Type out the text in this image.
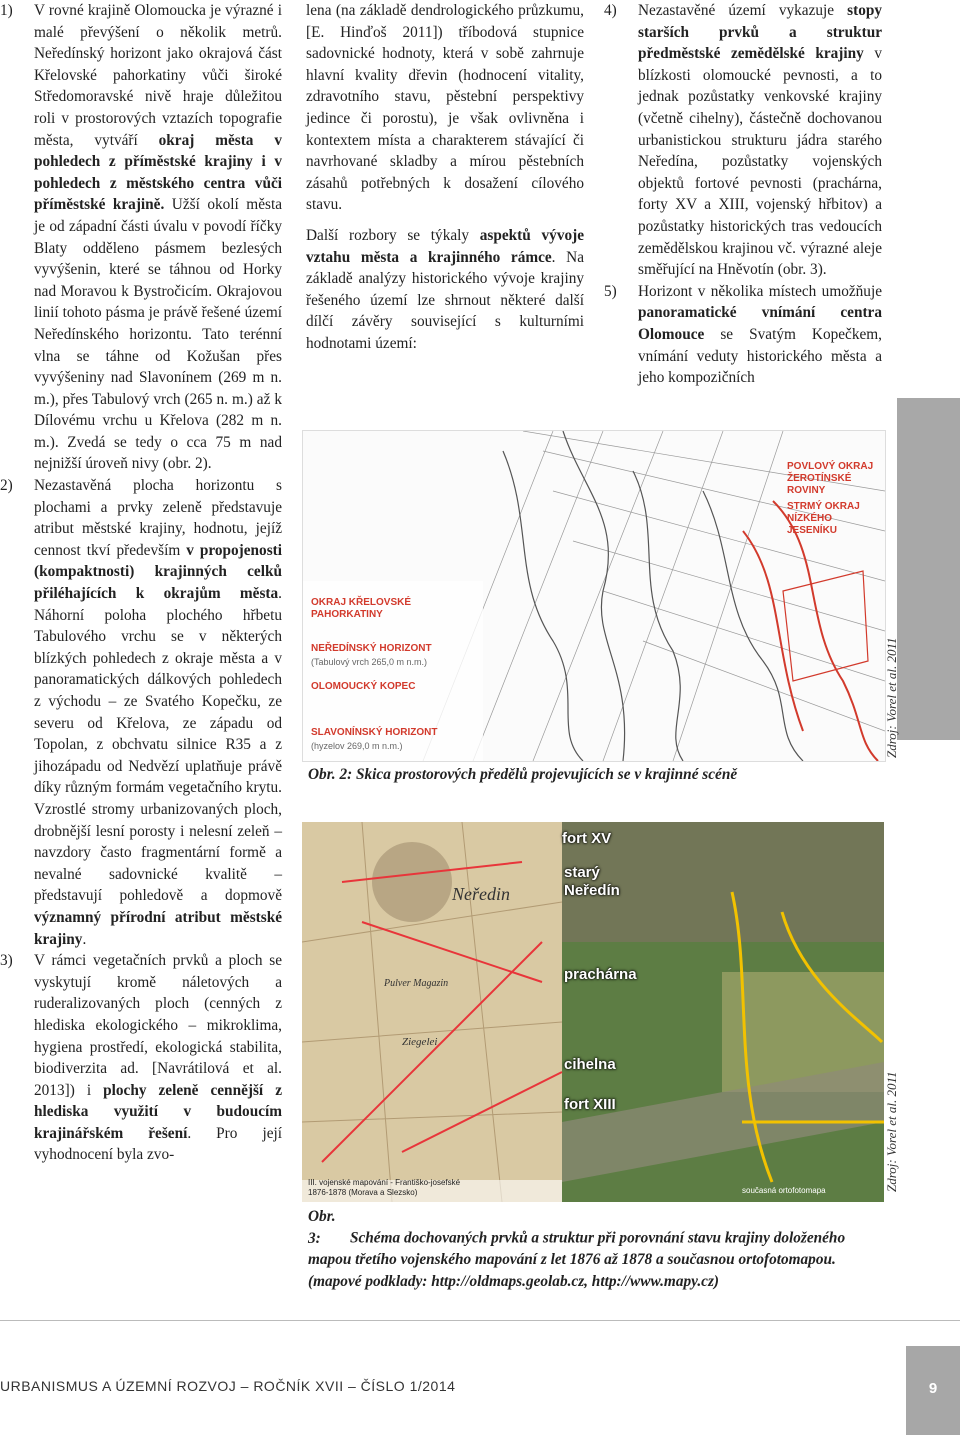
1) V rovné krajině Olomoucka je výrazné i malé převýšení o několik metrů. Neředínský horizont jako okrajová část Křelovské pahorkatiny vůči široké Středomoravské nivě hraje důležitou roli v prostorových vztazích topografie města, vytváří okraj města v pohledech z příměstské krajiny i v pohledech z městského centra vůči příměstské krajině. Užší okolí města je od západní části úvalu v povodí říčky Blaty odděleno pásmem bezlesých vyvýšenin, které se táhnou od Horky nad Moravou k Bystročicím. Okrajovou linií tohoto pásma je právě řešené území Neředínského horizontu. Tato terénní vlna se táhne od Kožušan přes vyvýšeniny nad Slavonínem (269 m n. m.), přes Tabulový vrch (265 n. m.) až k Dílovému vrchu u Křelova (282 m n. m.). Zvedá se tedy o cca 75 m nad nejnižší úroveň nivy (obr. 2).
2) Nezastavěná plocha horizontu s plochami a prvky zeleně představuje atribut městské krajiny, hodnotu, jejíž cennost tkví především v propojenosti (kompaktnosti) krajinných celků přiléhajících k okrajům města. Náhorní poloha plochého hřbetu Tabulového vrchu se v některých blízkých pohledech z okraje města a v panoramatických dálkových pohledech z východu – ze Svatého Kopečku, ze severu od Křelova, ze západu od Topolan, z obchvatu silnice R35 a z jihozápadu od Nedvězí uplatňuje právě díky různým formám vegetačního krytu. Vzrostlé stromy urbanizovaných ploch, drobnější lesní porosty i nelesní zeleň – navzdory často fragmentární formě a nevalné sadovnické kvalitě – představují pohledově a dopmově významný přírodní atribut městské krajiny.
3) V rámci vegetačních prvků a ploch se vyskytují kromě náletových a ruderalizovaných ploch (cenných z hlediska ekologického – mikroklima, hygiena prostředí, ekologická stabilita, biodiverzita ad. [Navrátilová et al. 2013]) i plochy zeleně cennější z hlediska využití v budoucím krajinářském řešení. Pro její vyhodnocení byla zvo-

lena (na základě dendrologického průzkumu, [E. Hinďoš 2011]) tříbodová stupnice sadovnické hodnoty, která v sobě zahrnuje hlavní kvality dřevin (hodnocení vitality, zdravotního stavu, pěstební perspektivy jedince či porostu), je však ovlivněna i kontextem místa a charakterem stávající či navrhované skladby a mírou pěstebních zásahů potřebných k dosažení cílového stavu.

Další rozbory se týkaly aspektů vývoje vztahu města a krajinného rámce. Na základě analýzy historického vývoje krajiny řešeného území lze shrnout některé další dílčí závěry související s kulturními hodnotami území:

4) Nezastavěné území vykazuje stopy starších prvků a struktur předměstské zemědělské krajiny v blízkosti olomoucké pevnosti, a to jednak pozůstatky venkovské krajiny (včetně cihelny), částečně dochovanou urbanistickou strukturu jádra starého Neředína, pozůstatky vojenských objektů fortové pevnosti (prachárna, forty XV a XIII, vojenský hřbitov) a pozůstatky historických tras vedoucích zemědělskou krajinou vč. výrazné aleje směřující na Hněvotín (obr. 3).
5) Horizont v několika místech umožňuje panoramatické vnímání centra Olomouce se Svatým Kopečkem, vnímání veduty historického města a jeho kompozičních
POVLOVÝ OKRAJ ŽEROTÍNSKÉ ROVINY
STRMÝ OKRAJ NÍZKÉHO JESENÍKU
OKRAJ KŘELOVSKÉ PAHORKATINY
NEŘEDÍNSKÝ HORIZONT
(Tabulový vrch 265,0 m n.m.)
OLOMOUCKÝ KOPEC
SLAVONÍNSKÝ HORIZONT
(hyzelov 269,0 m n.m.)
Obr. 2: Skica prostorových předělů projevujících se v krajinné scéně
Zdroj: Vorel et al. 2011
fort XV
starý Neředín
prachárna
cihelna
fort XIII
Neředin
Pulver Magazin
Ziegelei
III. vojenské mapování - Františko-josefské
1876-1878 (Morava a Slezsko)	současná ortofotomapa
Obr. 3: Schéma dochovaných prvků a struktur při porovnání stavu krajiny doloženého mapou třetího vojenského mapování z let 1876 až 1878 a současnou ortofotomapou. (mapové podklady: http://oldmaps.geolab.cz, http://www.mapy.cz)
Zdroj: Vorel et al. 2011
URBANISMUS A ÚZEMNÍ ROZVOJ – ROČNÍK XVII – ČÍSLO 1/2014	9
